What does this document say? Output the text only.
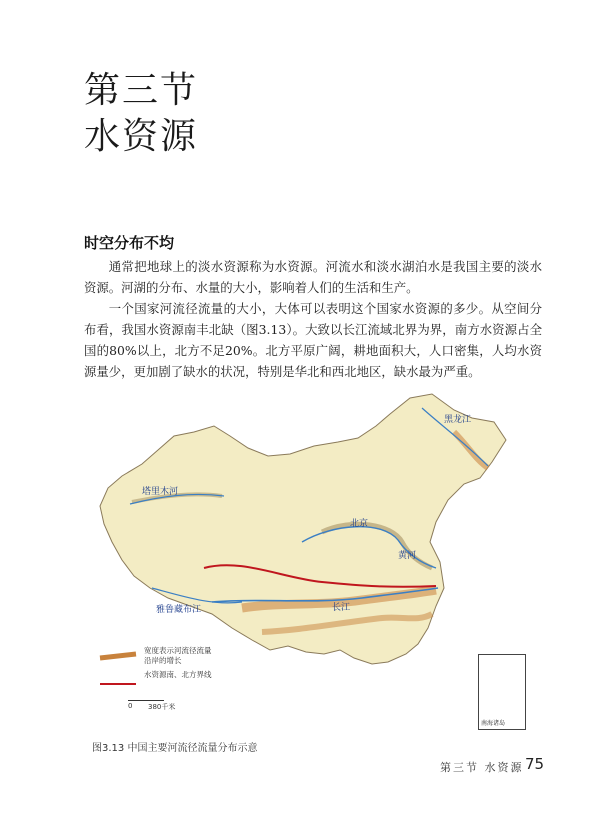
第三节
水资源
时空分布不均

通常把地球上的淡水资源称为水资源。河流水和淡水湖泊水是我国主要的淡水资源。河湖的分布、水量的大小，影响着人们的生活和生产。

一个国家河流径流量的大小，大体可以表明这个国家水资源的多少。从空间分布看，我国水资源南丰北缺（图3.13）。大致以长江流域北界为界，南方水资源占全国的80%以上，北方不足20%。北方平原广阔，耕地面积大，人口密集，人均水资源量少，更加剧了缺水的状况，特别是华北和西北地区，缺水最为严重。

北京
塔里木河
雅鲁藏布江
黄河
长江
黑龙江
宽度表示河流径流量
沿岸的增长
水资源南、北方界线
0 380千米
南海诸岛
图3.13 中国主要河流径流量分布示意
第三节 水资源 75
